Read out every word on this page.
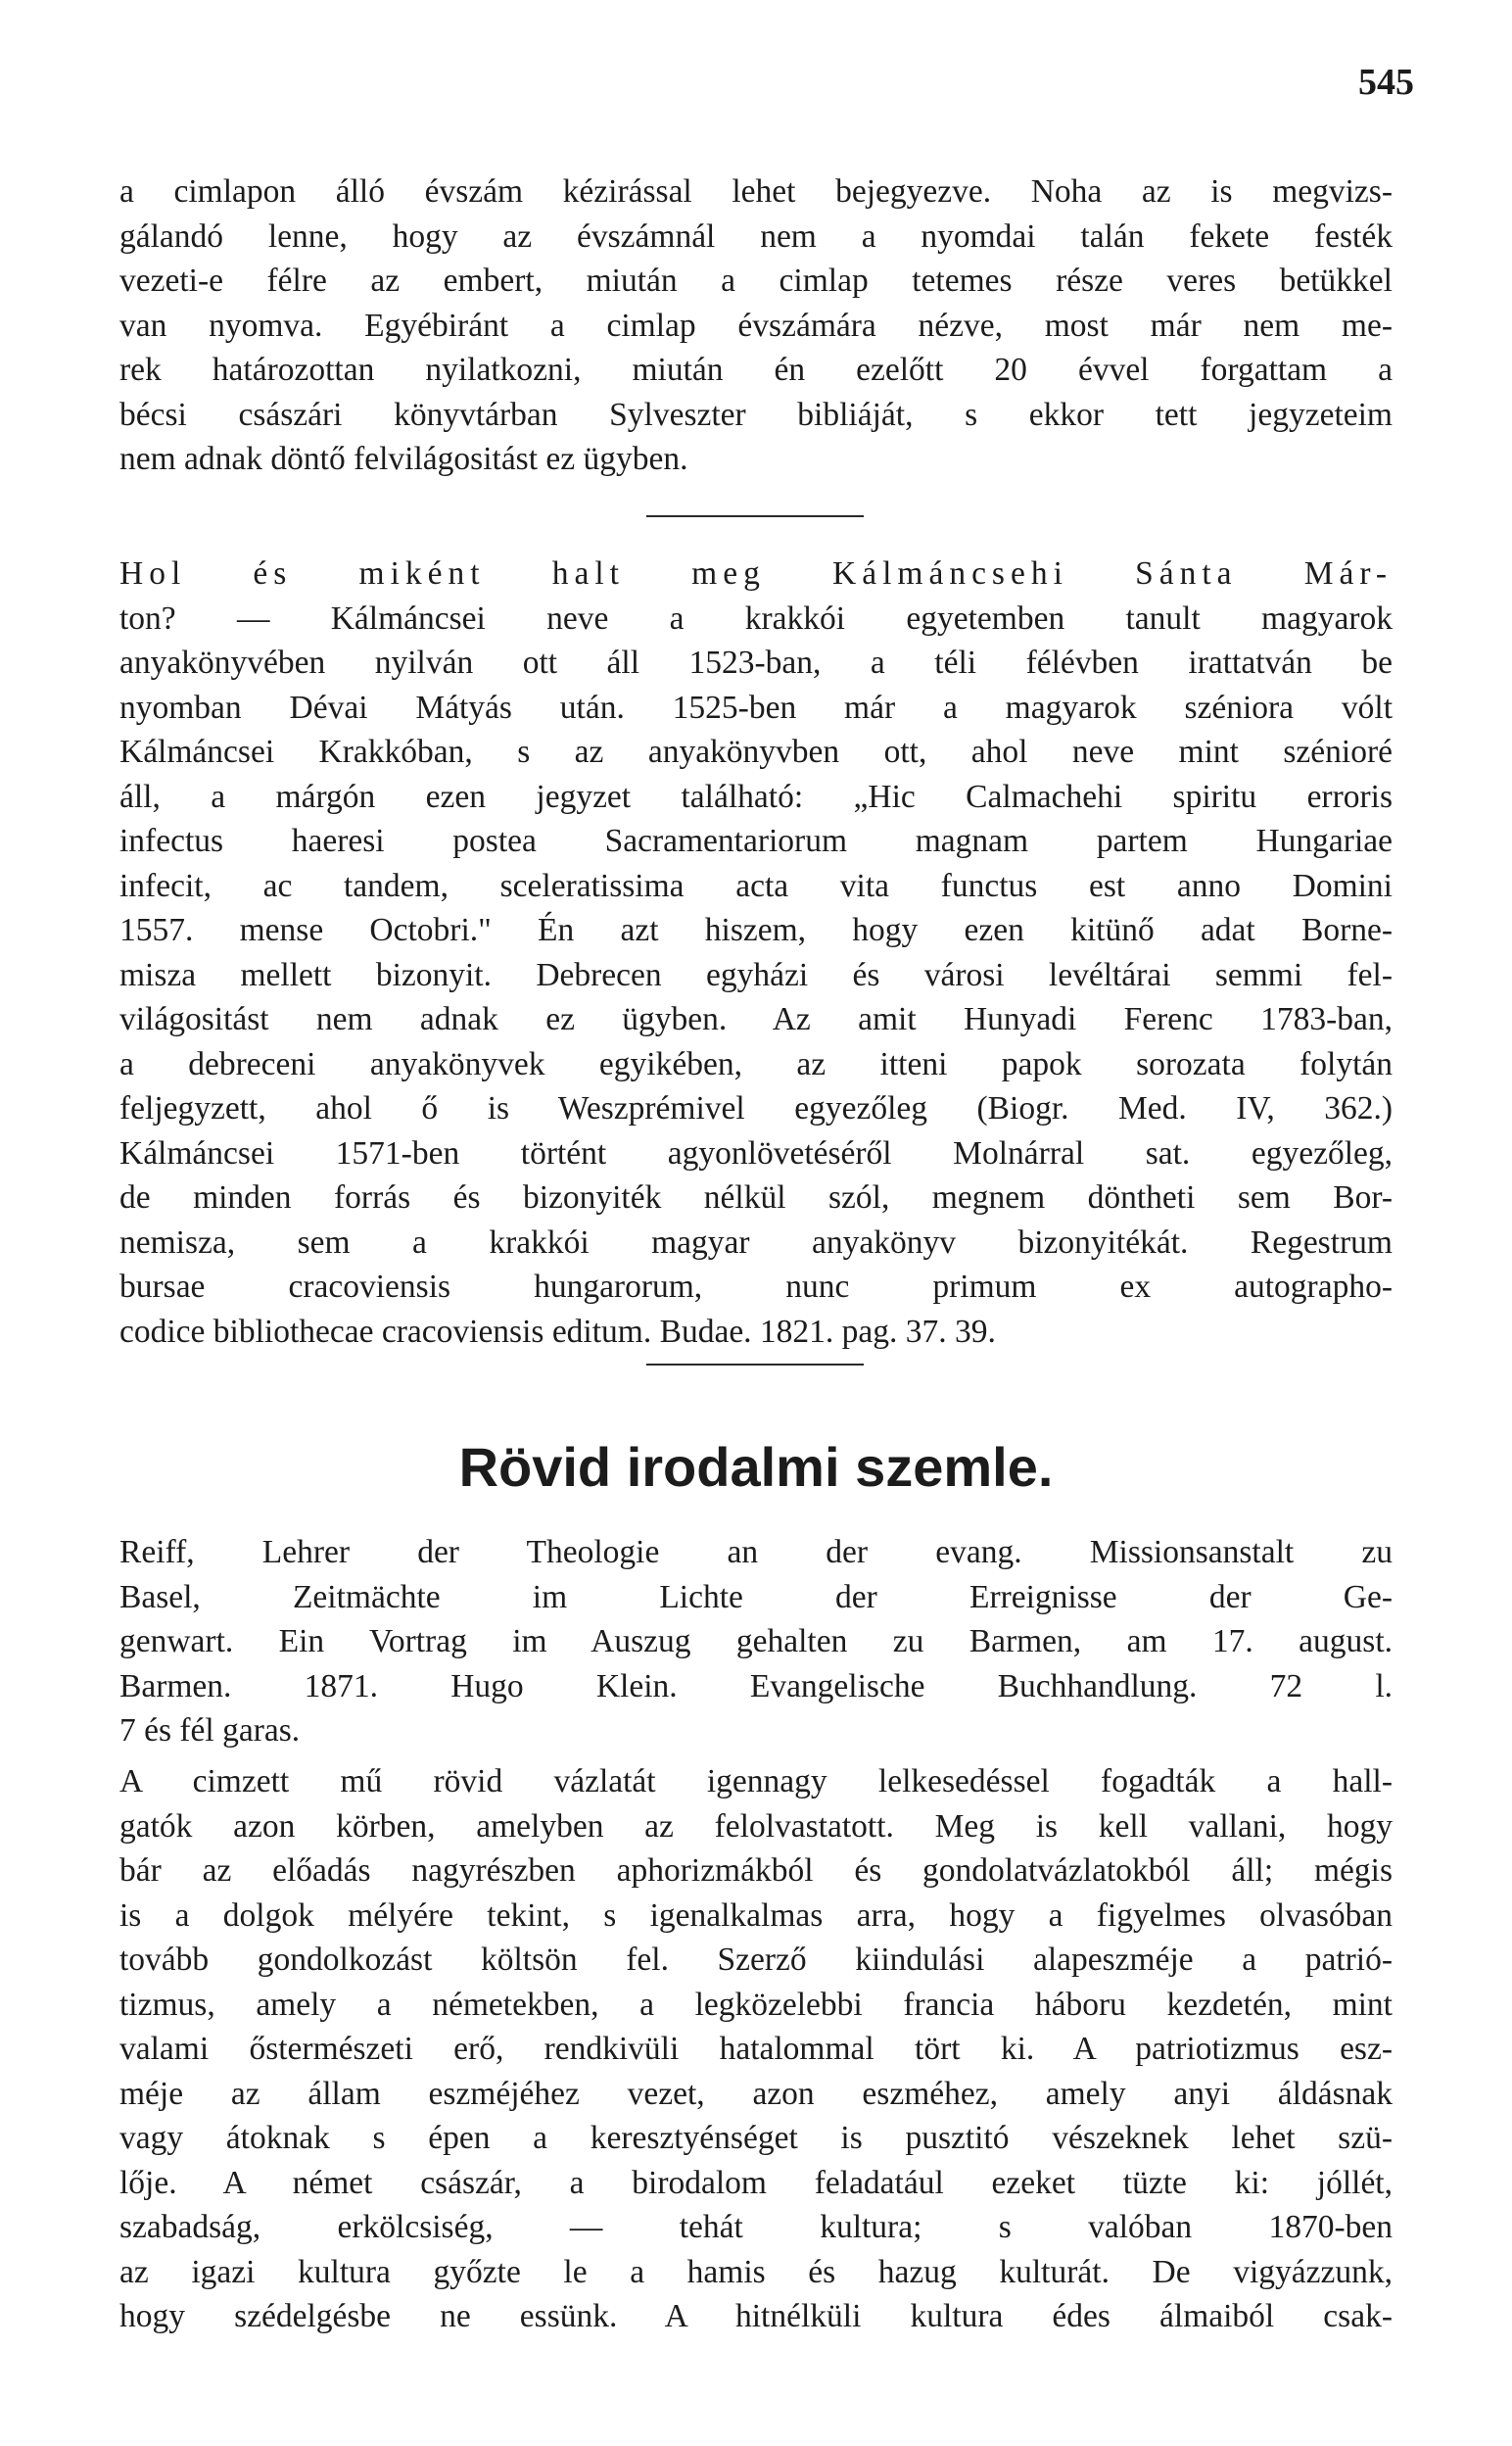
545
a cimlapon álló évszám kézirással lehet bejegyezve. Noha az is megvizs-
gálandó lenne, hogy az évszámnál nem a nyomdai talán fekete festék
vezeti-e félre az embert, miután a cimlap tetemes része veres betükkel
van nyomva. Egyébiránt a cimlap évszámára nézve, most már nem me-
rek határozottan nyilatkozni, miután én ezelőtt 20 évvel forgattam a
bécsi császári könyvtárban Sylveszter bibliáját, s ekkor tett jegyzeteim
nem adnak döntő felvilágositást ez ügyben.
Hol és miként halt meg Kálmáncsehi Sánta Már-
ton? — Kálmáncsei neve a krakkói egyetemben tanult magyarok
anyakönyvében nyilván ott áll 1523-ban, a téli félévben irattatván be
nyomban Dévai Mátyás után. 1525-ben már a magyarok széniora vólt
Kálmáncsei Krakkóban, s az anyakönyvben ott, ahol neve mint szénioré
áll, a márgón ezen jegyzet található: „Hic Calmachehi spiritu erroris
infectus haeresi postea Sacramentariorum magnam partem Hungariae
infecit, ac tandem, sceleratissima acta vita functus est anno Domini
1557. mense Octobri." Én azt hiszem, hogy ezen kitünő adat Borne-
misza mellett bizonyit. Debrecen egyházi és városi levéltárai semmi fel-
világositást nem adnak ez ügyben. Az amit Hunyadi Ferenc 1783-ban,
a debreceni anyakönyvek egyikében, az itteni papok sorozata folytán
feljegyzett, ahol ő is Weszprémivel egyezőleg (Biogr. Med. IV, 362.)
Kálmáncsei 1571-ben történt agyonlövetéséről Molnárral sat. egyezőleg,
de minden forrás és bizonyiték nélkül szól, megnem döntheti sem Bor-
nemisza, sem a krakkói magyar anyakönyv bizonyitékát. Regestrum
bursae cracoviensis hungarorum, nunc primum ex autographo-
codice bibliothecae cracoviensis editum. Budae. 1821. pag. 37. 39.
Rövid irodalmi szemle.
Reiff, Lehrer der Theologie an der evang. Missionsanstalt zu
Basel, Zeitmächte im Lichte der Erreignisse der Ge-
genwart. Ein Vortrag im Auszug gehalten zu Barmen, am 17. august.
Barmen. 1871. Hugo Klein. Evangelische Buchhandlung. 72 l.
7 és fél garas.
A cimzett mű rövid vázlatát igennagy lelkesedéssel fogadták a hall-
gatók azon körben, amelyben az felolvastatott. Meg is kell vallani, hogy
bár az előadás nagyrészben aphorizmákból és gondolatvázlatokból áll; mégis
is a dolgok mélyére tekint, s igenalkalmas arra, hogy a figyelmes olvasóban
tovább gondolkozást költsön fel. Szerző kiindulási alapeszméje a patrió-
tizmus, amely a németekben, a legközelebbi francia háboru kezdetén, mint
valami őstermészeti erő, rendkivüli hatalommal tört ki. A patriotizmus esz-
méje az állam eszméjéhez vezet, azon eszméhez, amely anyi áldásnak
vagy átoknak s épen a keresztyénséget is pusztitó vészeknek lehet szü-
lője. A német császár, a birodalom feladatául ezeket tüzte ki: jóllét,
szabadság, erkölcsiség, — tehát kultura; s valóban 1870-ben
az igazi kultura győzte le a hamis és hazug kulturát. De vigyázzunk,
hogy szédelgésbe ne essünk. A hitnélküli kultura édes álmaiból csak-
